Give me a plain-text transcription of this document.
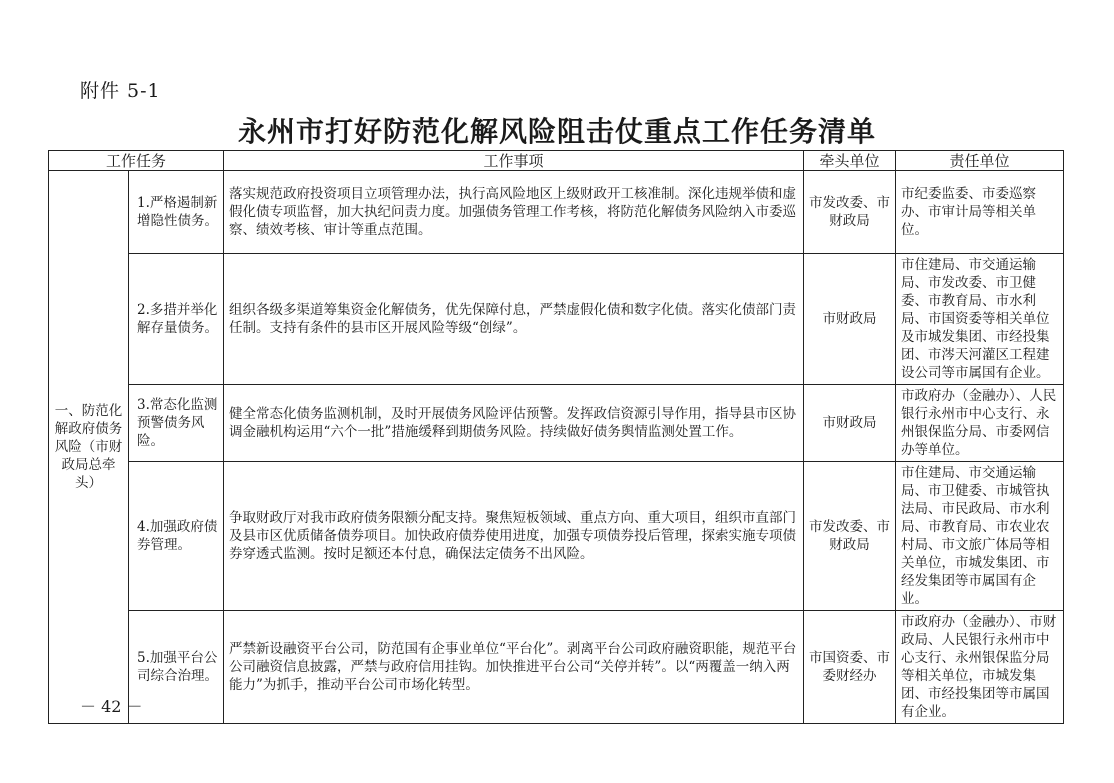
附件 5-1
永州市打好防范化解风险阻击仗重点工作任务清单
工作任务		工作事项	牵头单位	责任单位
一、防范化解政府债务风险（市财政局总牵头）	1.严格遏制新增隐性债务。	落实规范政府投资项目立项管理办法，执行高风险地区上级财政开工核准制。深化违规举债和虚假化债专项监督，加大执纪问责力度。加强债务管理工作考核，将防范化解债务风险纳入市委巡察、绩效考核、审计等重点范围。	市发改委、市财政局	市纪委监委、市委巡察办、市审计局等相关单位。
	2.多措并举化解存量债务。	组织各级多渠道筹集资金化解债务，优先保障付息，严禁虚假化债和数字化债。落实化债部门责任制。支持有条件的县市区开展风险等级“创绿”。	市财政局	市住建局、市交通运输局、市发改委、市卫健委、市教育局、市水利局、市国资委等相关单位及市城发集团、市经投集团、市涔天河灌区工程建设公司等市属国有企业。
	3.常态化监测预警债务风险。	健全常态化债务监测机制，及时开展债务风险评估预警。发挥政信资源引导作用，指导县市区协调金融机构运用“六个一批”措施缓释到期债务风险。持续做好债务舆情监测处置工作。	市财政局	市政府办（金融办）、人民银行永州市中心支行、永州银保监分局、市委网信办等单位。
	4.加强政府债券管理。	争取财政厅对我市政府债务限额分配支持。聚焦短板领域、重点方向、重大项目，组织市直部门及县市区优质储备债券项目。加快政府债券使用进度，加强专项债券投后管理，探索实施专项债券穿透式监测。按时足额还本付息，确保法定债务不出风险。	市发改委、市财政局	市住建局、市交通运输局、市卫健委、市城管执法局、市民政局、市水利局、市教育局、市农业农村局、市文旅广体局等相关单位，市城发集团、市经发集团等市属国有企业。
	5.加强平台公司综合治理。	严禁新设融资平台公司，防范国有企事业单位“平台化”。剥离平台公司政府融资职能，规范平台公司融资信息披露，严禁与政府信用挂钩。加快推进平台公司“关停并转”。以“两覆盖一纳入两能力”为抓手，推动平台公司市场化转型。	市国资委、市委财经办	市政府办（金融办）、市财政局、人民银行永州市中心支行、永州银保监分局等相关单位，市城发集团、市经投集团等市属国有企业。
－ 42 －
